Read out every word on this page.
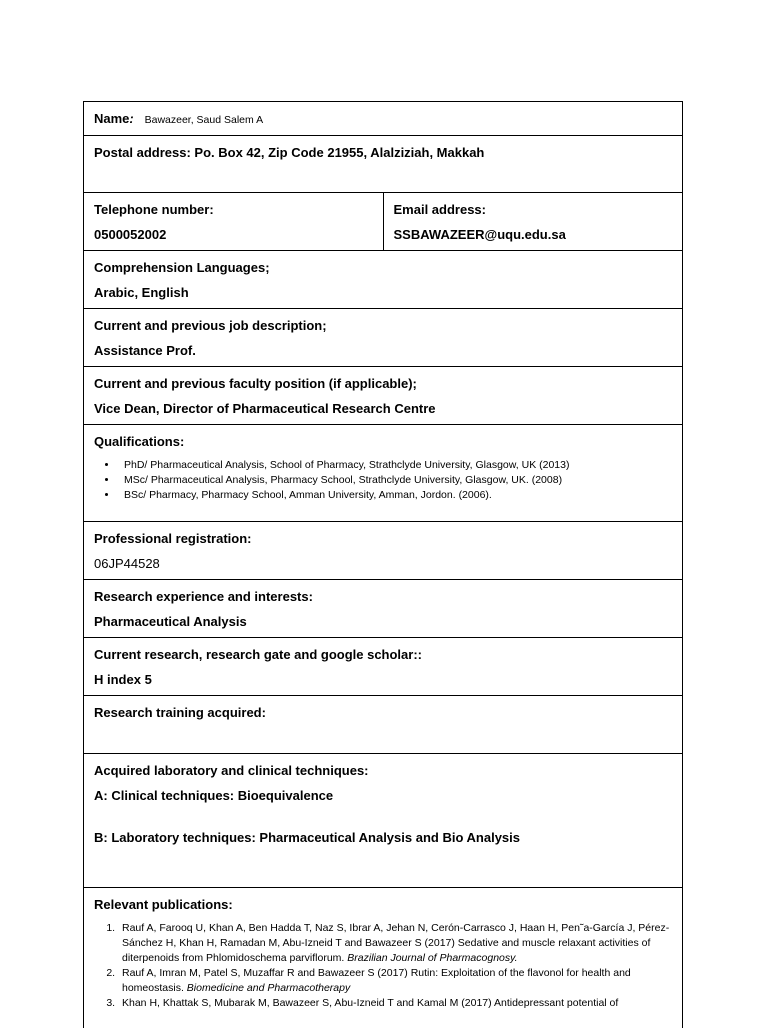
Name: Bawazeer, Saud Salem A

Postal address: Po. Box 42, Zip Code 21955, Alalziziah, Makkah

Telephone number:

0500052002

Email address:

SSBAWAZEER@uqu.edu.sa

Comprehension Languages;

Arabic, English

Current and previous job description;

Assistance Prof.

Current and previous faculty position (if applicable);

Vice Dean, Director of Pharmaceutical Research Centre

Qualifications:

• PhD/ Pharmaceutical Analysis, School of Pharmacy, Strathclyde University, Glasgow, UK (2013)
• MSc/ Pharmaceutical Analysis, Pharmacy School, Strathclyde University, Glasgow, UK. (2008)
• BSc/ Pharmacy, Pharmacy School, Amman University, Amman, Jordon. (2006).

Professional registration:

06JP44528

Research experience and interests:

Pharmaceutical Analysis

Current research, research gate and google scholar::

H index 5

Research training acquired:

Acquired laboratory and clinical techniques:

A: Clinical techniques: Bioequivalence

B: Laboratory techniques: Pharmaceutical Analysis and Bio Analysis

Relevant publications:

1. Rauf A, Farooq U, Khan A, Ben Hadda T, Naz S, Ibrar A, Jehan N, Cerón-Carrasco J, Haan H, Pen˜a-García J, Pérez-Sánchez H, Khan H, Ramadan M, Abu-Izneid T and Bawazeer S (2017) Sedative and muscle relaxant activities of diterpenoids from Phlomidoschema parviflorum. Brazilian Journal of Pharmacognosy.
2. Rauf A, Imran M, Patel S, Muzaffar R and Bawazeer S (2017) Rutin: Exploitation of the flavonol for health and homeostasis. Biomedicine and Pharmacotherapy
3. Khan H, Khattak S, Mubarak M, Bawazeer S, Abu-Izneid T and Kamal M (2017) Antidepressant potential of
